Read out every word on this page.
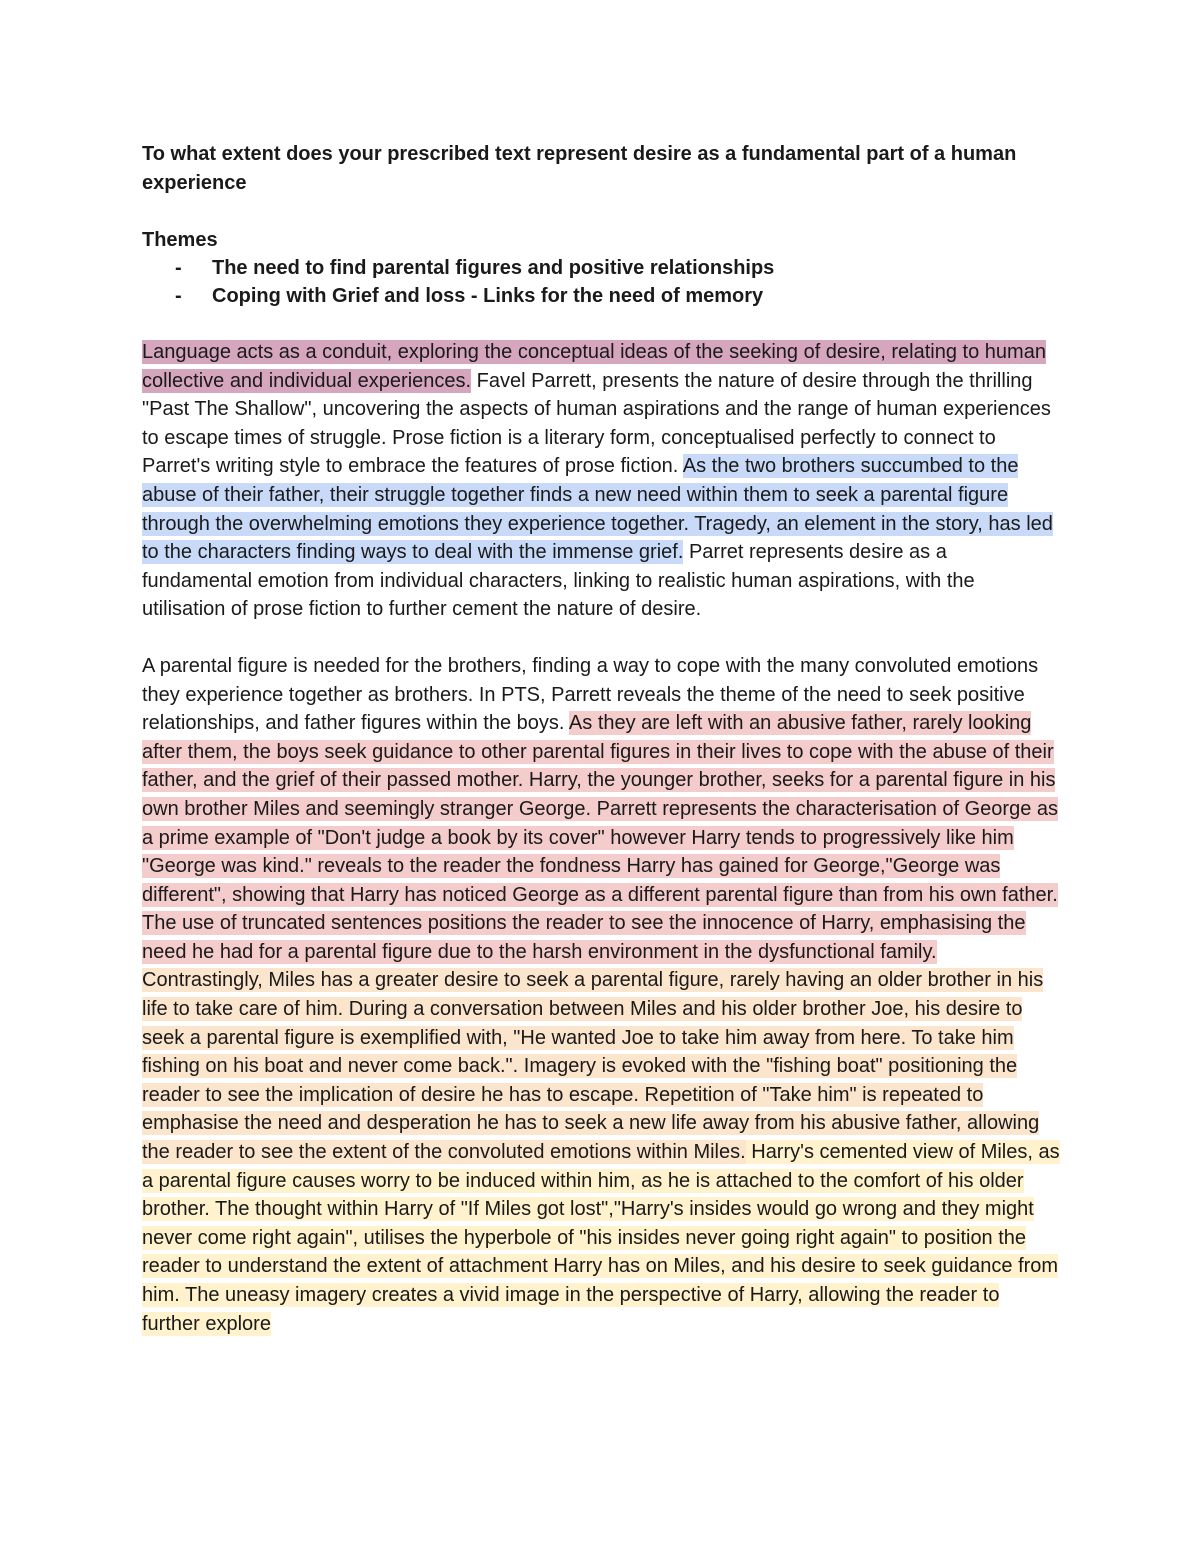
To what extent does your prescribed text represent desire as a fundamental part of a human experience

Themes

- The need to find parental figures and positive relationships
- Coping with Grief and loss - Links for the need of memory

Language acts as a conduit, exploring the conceptual ideas of the seeking of desire, relating to human collective and individual experiences. Favel Parrett, presents the nature of desire through the thrilling "Past The Shallow", uncovering the aspects of human aspirations and the range of human experiences to escape times of struggle. Prose fiction is a literary form, conceptualised perfectly to connect to Parret's writing style to embrace the features of prose fiction. As the two brothers succumbed to the abuse of their father, their struggle together finds a new need within them to seek a parental figure through the overwhelming emotions they experience together. Tragedy, an element in the story, has led to the characters finding ways to deal with the immense grief. Parret represents desire as a fundamental emotion from individual characters, linking to realistic human aspirations, with the utilisation of prose fiction to further cement the nature of desire.

A parental figure is needed for the brothers, finding a way to cope with the many convoluted emotions they experience together as brothers. In PTS, Parrett reveals the theme of the need to seek positive relationships, and father figures within the boys. As they are left with an abusive father, rarely looking after them, the boys seek guidance to other parental figures in their lives to cope with the abuse of their father, and the grief of their passed mother. Harry, the younger brother, seeks for a parental figure in his own brother Miles and seemingly stranger George. Parrett represents the characterisation of George as a prime example of "Don't judge a book by its cover" however Harry tends to progressively like him "George was kind." reveals to the reader the fondness Harry has gained for George,"George was different", showing that Harry has noticed George as a different parental figure than from his own father. The use of truncated sentences positions the reader to see the innocence of Harry, emphasising the need he had for a parental figure due to the harsh environment in the dysfunctional family. Contrastingly, Miles has a greater desire to seek a parental figure, rarely having an older brother in his life to take care of him. During a conversation between Miles and his older brother Joe, his desire to seek a parental figure is exemplified with, "He wanted Joe to take him away from here. To take him fishing on his boat and never come back.". Imagery is evoked with the "fishing boat" positioning the reader to see the implication of desire he has to escape. Repetition of "Take him" is repeated to emphasise the need and desperation he has to seek a new life away from his abusive father, allowing the reader to see the extent of the convoluted emotions within Miles. Harry's cemented view of Miles, as a parental figure causes worry to be induced within him, as he is attached to the comfort of his older brother. The thought within Harry of "If Miles got lost","Harry's insides would go wrong and they might never come right again", utilises the hyperbole of "his insides never going right again" to position the reader to understand the extent of attachment Harry has on Miles, and his desire to seek guidance from him. The uneasy imagery creates a vivid image in the perspective of Harry, allowing the reader to further explore
